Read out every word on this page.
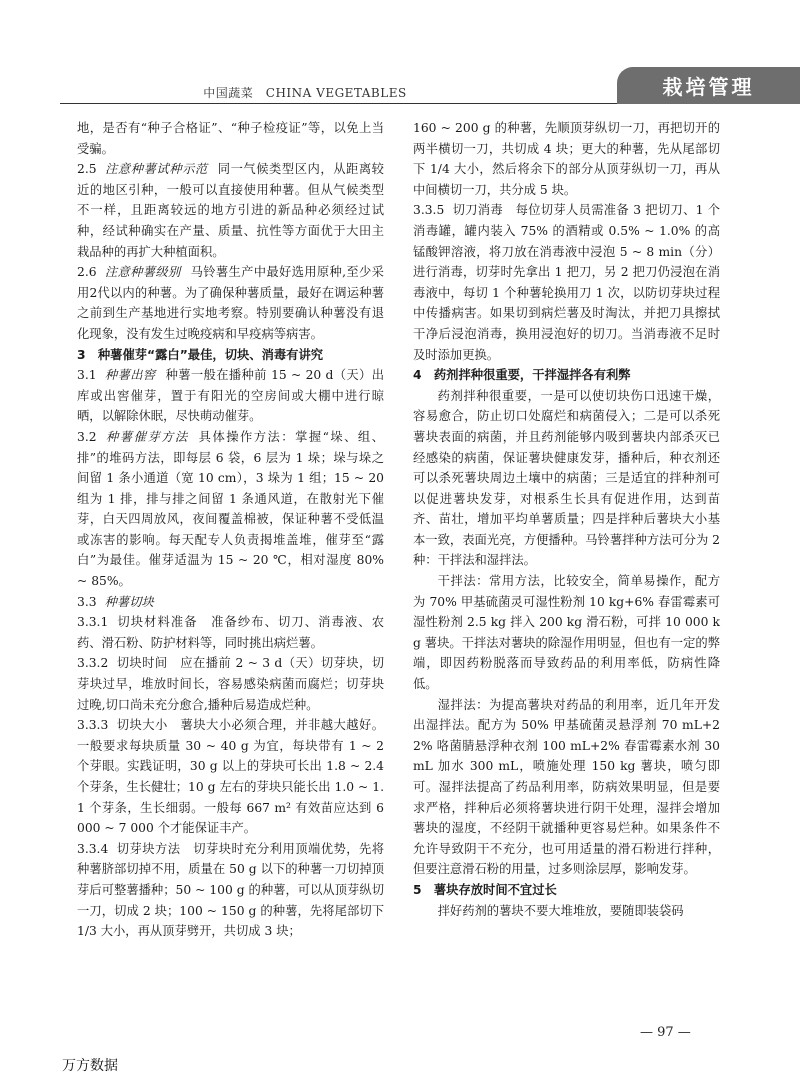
中国蔬菜　CHINA VEGETABLES	栽培管理

地，是否有“种子合格证”、“种子检疫证”等，以免上当受骗。

2.5 注意种薯试种示范 同一气候类型区内，从距离较近的地区引种，一般可以直接使用种薯。但从气候类型不一样，且距离较远的地方引进的新品种必须经过试种，经试种确实在产量、质量、抗性等方面优于大田主栽品种的再扩大种植面积。

2.6 注意种薯级别 马铃薯生产中最好选用原种,至少采用2代以内的种薯。为了确保种薯质量，最好在调运种薯之前到生产基地进行实地考察。特别要确认种薯没有退化现象，没有发生过晚疫病和早疫病等病害。

3　种薯催芽“露白”最佳，切块、消毒有讲究

3.1 种薯出窖 种薯一般在播种前 15 ~ 20 d（天）出库或出窖催芽，置于有阳光的空房间或大棚中进行晾晒，以解除休眠，尽快萌动催芽。

3.2 种薯催芽方法 具体操作方法：掌握“垛、组、排”的堆码方法，即每层 6 袋，6 层为 1 垛；垛与垛之间留 1 条小通道（宽 10 cm），3 垛为 1 组；15 ~ 20 组为 1 排，排与排之间留 1 条通风道，在散射光下催芽，白天四周放风，夜间覆盖棉被，保证种薯不受低温或冻害的影响。每天配专人负责揭堆盖堆，催芽至“露白”为最佳。催芽适温为 15 ~ 20 ℃，相对湿度 80% ~ 85%。

3.3 种薯切块

3.3.1 切块材料准备　准备纱布、切刀、消毒液、农药、滑石粉、防护材料等，同时挑出病烂薯。

3.3.2 切块时间　应在播前 2 ~ 3 d（天）切芽块，切芽块过早，堆放时间长，容易感染病菌而腐烂；切芽块过晚,切口尚未充分愈合,播种后易造成烂种。

3.3.3 切块大小　薯块大小必须合理，并非越大越好。一般要求每块质量 30 ~ 40 g 为宜，每块带有 1 ~ 2 个芽眼。实践证明，30 g 以上的芽块可长出 1.8 ~ 2.4 个芽条，生长健壮；10 g 左右的芽块只能长出 1.0 ~ 1.1 个芽条，生长细弱。一般每 667 m² 有效苗应达到 6 000 ~ 7 000 个才能保证丰产。

3.3.4 切芽块方法　切芽块时充分利用顶端优势，先将种薯脐部切掉不用，质量在 50 g 以下的种薯一刀切掉顶芽后可整薯播种；50 ~ 100 g 的种薯，可以从顶芽纵切一刀，切成 2 块；100 ~ 150 g 的种薯，先将尾部切下 1/3 大小，再从顶芽劈开，共切成 3 块；

160 ~ 200 g 的种薯，先顺顶芽纵切一刀，再把切开的两半横切一刀，共切成 4 块；更大的种薯，先从尾部切下 1/4 大小，然后将余下的部分从顶芽纵切一刀，再从中间横切一刀，共分成 5 块。

3.3.5 切刀消毒　每位切芽人员需准备 3 把切刀、1 个消毒罐，罐内装入 75% 的酒精或 0.5% ~ 1.0% 的高锰酸钾溶液，将刀放在消毒液中浸泡 5 ~ 8 min（分）进行消毒，切芽时先拿出 1 把刀，另 2 把刀仍浸泡在消毒液中，每切 1 个种薯轮换用刀 1 次，以防切芽块过程中传播病害。如果切到病烂薯及时淘汰，并把刀具擦拭干净后浸泡消毒，换用浸泡好的切刀。当消毒液不足时及时添加更换。

4　药剂拌种很重要，干拌湿拌各有利弊

药剂拌种很重要，一是可以使切块伤口迅速干燥，容易愈合，防止切口处腐烂和病菌侵入；二是可以杀死薯块表面的病菌，并且药剂能够内吸到薯块内部杀灭已经感染的病菌，保证薯块健康发芽，播种后，种衣剂还可以杀死薯块周边土壤中的病菌；三是适宜的拌种剂可以促进薯块发芽，对根系生长具有促进作用，达到苗齐、苗壮，增加平均单薯质量；四是拌种后薯块大小基本一致，表面光亮，方便播种。马铃薯拌种方法可分为 2 种：干拌法和湿拌法。

干拌法：常用方法，比较安全，简单易操作，配方为 70% 甲基硫菌灵可湿性粉剂 10 kg+6% 春雷霉素可湿性粉剂 2.5 kg 拌入 200 kg 滑石粉，可拌 10 000 kg 薯块。干拌法对薯块的除湿作用明显，但也有一定的弊端，即因药粉脱落而导致药品的利用率低，防病性降低。

湿拌法：为提高薯块对药品的利用率，近几年开发出湿拌法。配方为 50% 甲基硫菌灵悬浮剂 70 mL+22% 咯菌腈悬浮种衣剂 100 mL+2% 春雷霉素水剂 30 mL 加水 300 mL，喷施处理 150 kg 薯块，喷匀即可。湿拌法提高了药品利用率，防病效果明显，但是要求严格，拌种后必须将薯块进行阴干处理，湿拌会增加薯块的湿度，不经阴干就播种更容易烂种。如果条件不允许导致阴干不充分，也可用适量的滑石粉进行拌种，但要注意滑石粉的用量，过多则涂层厚，影响发芽。

5　薯块存放时间不宜过长

拌好药剂的薯块不要大堆堆放，要随即装袋码

— 97 —
万方数据
